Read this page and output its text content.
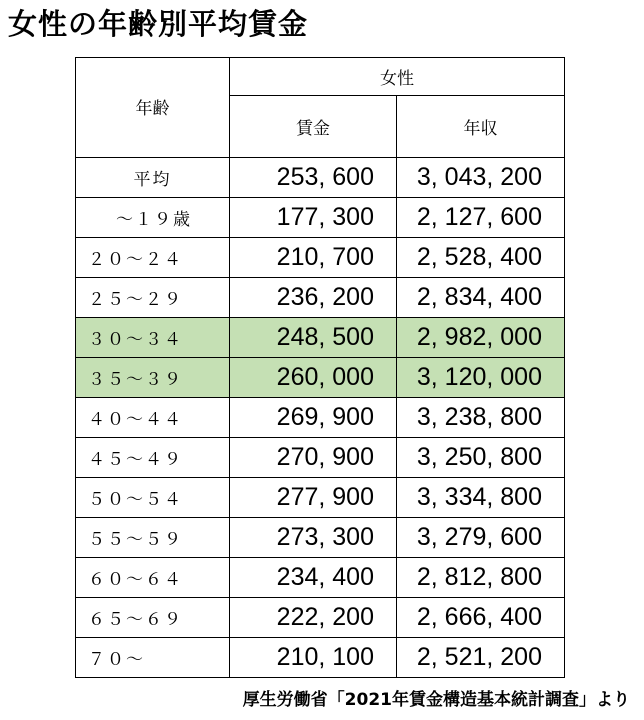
女性の年齢別平均賃金
年齢	女性	
	賃金	年収
平均	253, 600	3, 043, 200
～１９歳	177, 300	2, 127, 600
２０～２４	210, 700	2, 528, 400
２５～２９	236, 200	2, 834, 400
３０～３４	248, 500	2, 982, 000
３５～３９	260, 000	3, 120, 000
４０～４４	269, 900	3, 238, 800
４５～４９	270, 900	3, 250, 800
５０～５４	277, 900	3, 334, 800
５５～５９	273, 300	3, 279, 600
６０～６４	234, 400	2, 812, 800
６５～６９	222, 200	2, 666, 400
７０～	210, 100	2, 521, 200
厚生労働省「2021年賃金構造基本統計調査」より
